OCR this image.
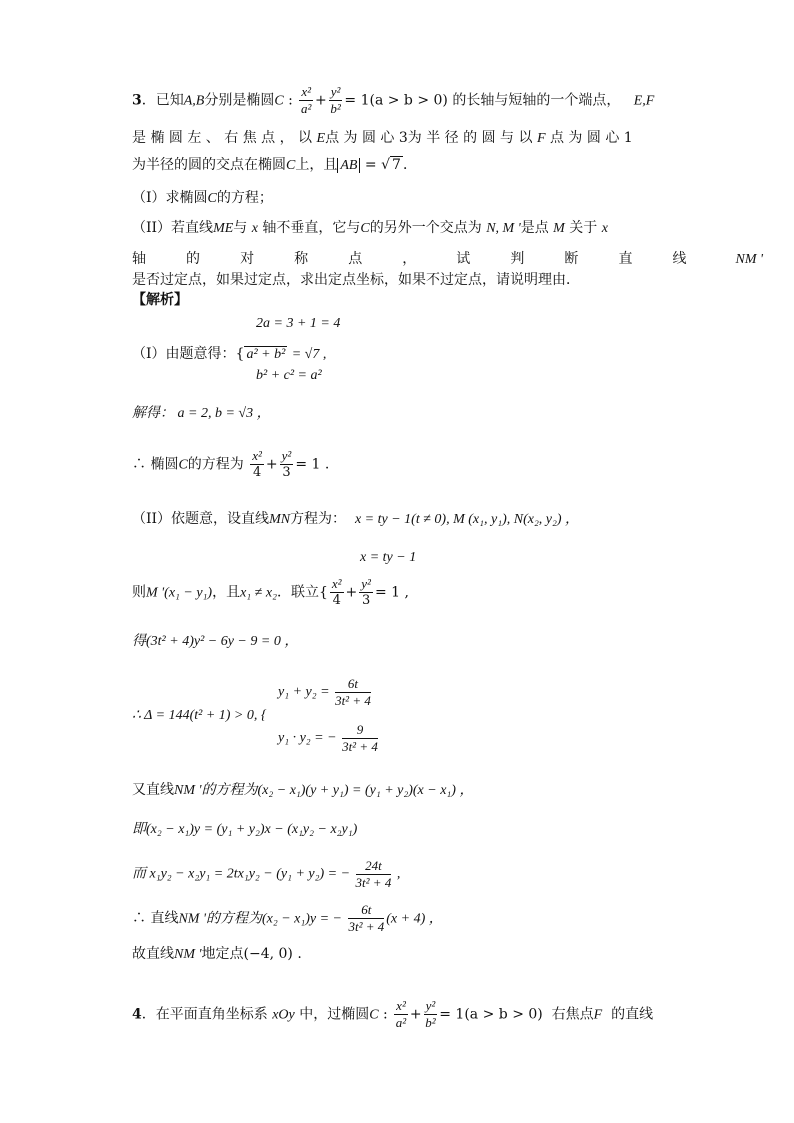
3．已知A,B分别是椭圆C : $\frac{\text{x²}}{\text{a²}} + \frac{\text{y²}}{\text{b²}} = 1(a > b > 0)$ 的长轴与短轴的一个端点， E,F
是 椭 圆 左 、 右 焦 点 ， 以 E点 为 圆 心 3为 半 径 的 圆 与 以 F 点 为 圆 心 1
为半径的圆的交点在椭圆C上，且 AB = √ 7 ．
（I）求椭圆C的方程；
（II）若直线ME与 x 轴不垂直，它与C的另外一个交点为 N, M '是点 M 关于 x
轴         的         对         称         点         ，         试         判         断         直         线	NM '
是否过定点，如果过定点，求出定点坐标，如果不过定点，请说明理由．
【解析】
2a = 3 + 1 = 4
（I）由题意得：{ a² + b² = √7 ,
b² + c² = a²
解得： a = 2, b = √3 ，
∴ 椭圆C的方程为 $\frac{\text{x²}}{4} + \frac{\text{y²}}{3} = 1$ .
（II）依题意，设直线MN方程为： x = ty − 1(t ≠ 0), M (x₁, y₁), N(x₂, y₂) ，
x = ty − 1
则M '(x₁ − y₁)，且x₁ ≠ x₂．联立{ $\frac{\text{x²}}{4} + \frac{\text{y²}}{3} = 1$ ,
得(3t² + 4)y² − 6y − 9 = 0 ，
$y_1 + y_2 = \frac{6t}{\text{3t² + 4}}$
∴ Δ = 144(t² + 1) > 0, {
y₁ · y₂ = − $\frac{9}{\text{3t² + 4}}$
又直线NM '的方程为(x₂ − x₁)(y + y₁) = (y₁ + y₂)(x − x₁) ，
即(x₂ − x₁)y = (y₁ + y₂)x − (x₁y₂ − x₂y₁)
而 x₁y₂ − x₂y₁ = 2tx₁y₂ − (y₁ + y₂) = − $\frac{24t}{\text{3t² + 4}}$ ,
∴ 直线NM '的方程为(x₂ − x₁)y = − $\frac{6t}{\text{3t² + 4}} (x + 4)$ ，
故直线NM '地定点(−4, 0) .
4．在平面直角坐标系 xOy 中，过椭圆C : $\frac{\text{x²}}{\text{a²}} + \frac{\text{y²}}{\text{b²}} = 1(a > b > 0)$ 右焦点F 的直线
